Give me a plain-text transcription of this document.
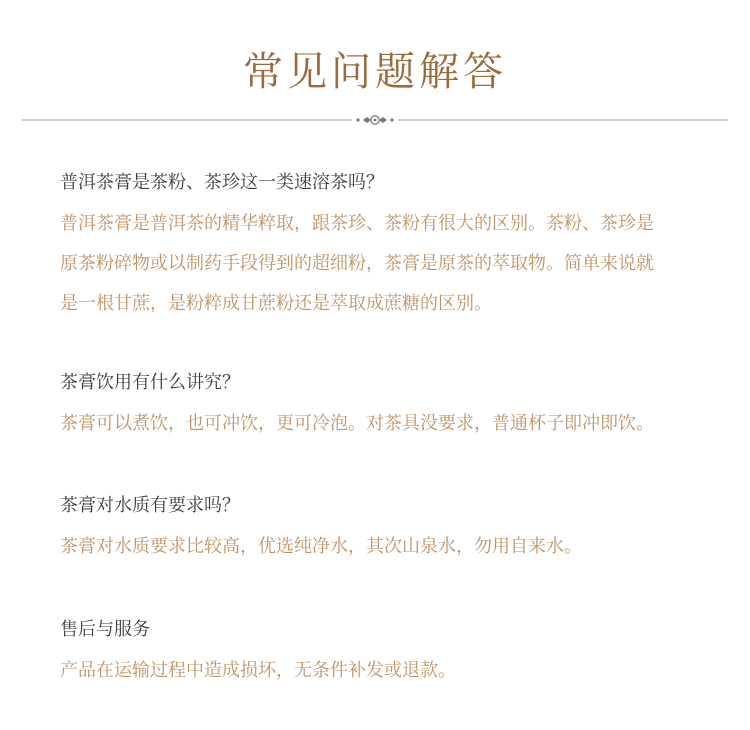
常见问题解答
普洱茶膏是茶粉、茶珍这一类速溶茶吗？

普洱茶膏是普洱茶的精华粹取，跟茶珍、茶粉有很大的区别。茶粉、茶珍是
原茶粉碎物或以制药手段得到的超细粉，茶膏是原茶的萃取物。简单来说就
是一根甘蔗，是粉粹成甘蔗粉还是萃取成蔗糖的区别。

茶膏饮用有什么讲究？

茶膏可以煮饮，也可冲饮，更可冷泡。对茶具没要求，普通杯子即冲即饮。

茶膏对水质有要求吗？

茶膏对水质要求比较高，优选纯净水，其次山泉水，勿用自来水。

售后与服务

产品在运输过程中造成损坏，无条件补发或退款。
